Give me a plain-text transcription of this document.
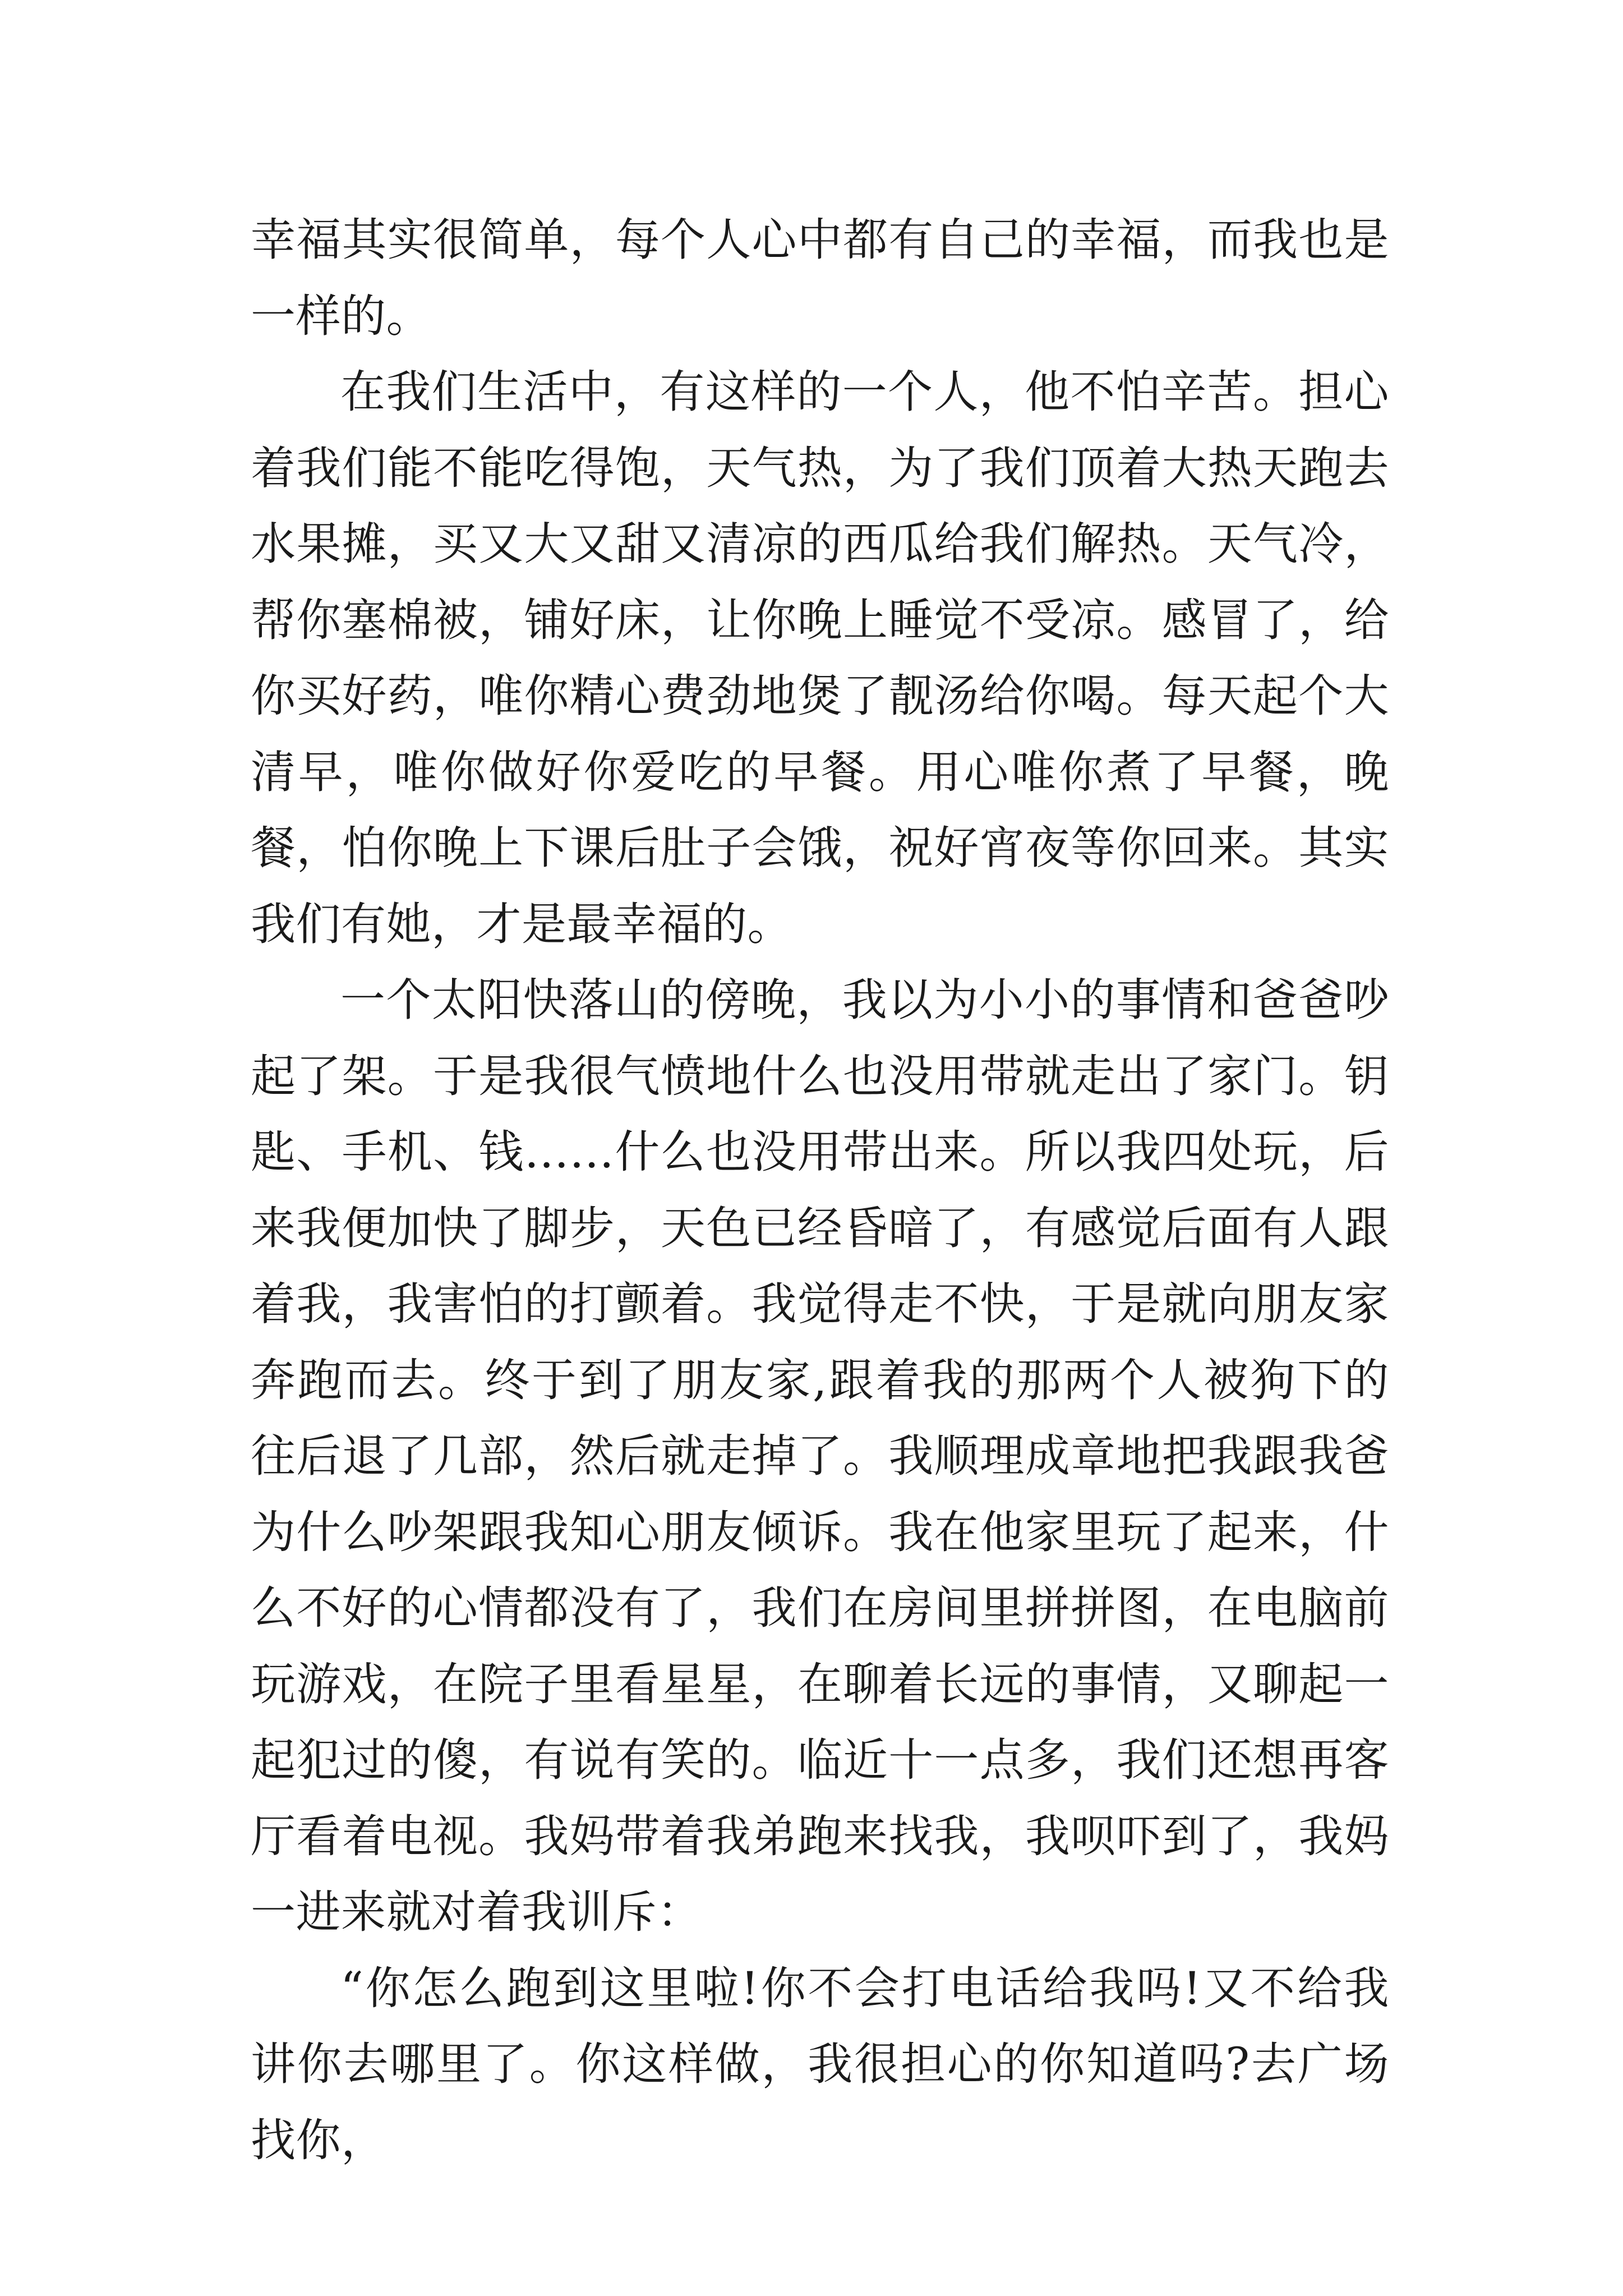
幸福其实很简单，每个人心中都有自己的幸福，而我也是一样的。

在我们生活中，有这样的一个人，他不怕辛苦。担心着我们能不能吃得饱，天气热，为了我们顶着大热天跑去水果摊，买又大又甜又清凉的西瓜给我们解热。天气冷，帮你塞棉被，铺好床，让你晚上睡觉不受凉。感冒了，给你买好药，唯你精心费劲地煲了靓汤给你喝。每天起个大清早，唯你做好你爱吃的早餐。用心唯你煮了早餐，晚餐，怕你晚上下课后肚子会饿，祝好宵夜等你回来。其实我们有她，才是最幸福的。

一个太阳快落山的傍晚，我以为小小的事情和爸爸吵起了架。于是我很气愤地什么也没用带就走出了家门。钥匙、手机、钱……什么也没用带出来。所以我四处玩，后来我便加快了脚步，天色已经昏暗了，有感觉后面有人跟着我，我害怕的打颤着。我觉得走不快，于是就向朋友家奔跑而去。终于到了朋友家,跟着我的那两个人被狗下的往后退了几部，然后就走掉了。我顺理成章地把我跟我爸为什么吵架跟我知心朋友倾诉。我在他家里玩了起来，什么不好的心情都没有了，我们在房间里拼拼图，在电脑前玩游戏，在院子里看星星，在聊着长远的事情，又聊起一起犯过的傻，有说有笑的。临近十一点多，我们还想再客厅看着电视。我妈带着我弟跑来找我，我呗吓到了，我妈一进来就对着我训斥：

“你怎么跑到这里啦!你不会打电话给我吗!又不给我讲你去哪里了。你这样做，我很担心的你知道吗?去广场找你，
